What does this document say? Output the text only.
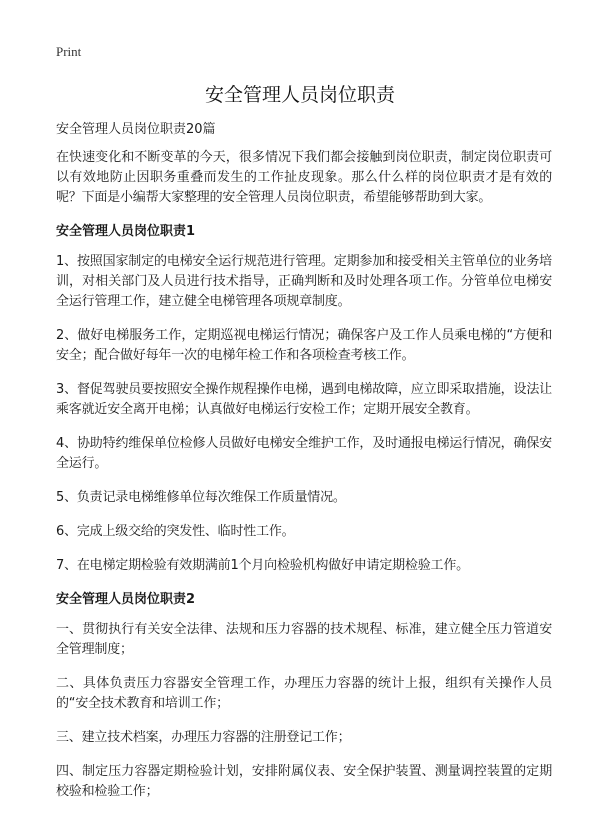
Print
安全管理人员岗位职责

安全管理人员岗位职责20篇

在快速变化和不断变革的今天，很多情况下我们都会接触到岗位职责，制定岗位职责可以有效地防止因职务重叠而发生的工作扯皮现象。那么什么样的岗位职责才是有效的呢？下面是小编帮大家整理的安全管理人员岗位职责，希望能够帮助到大家。

安全管理人员岗位职责1

1、按照国家制定的电梯安全运行规范进行管理。定期参加和接受相关主管单位的业务培训，对相关部门及人员进行技术指导，正确判断和及时处理各项工作。分管单位电梯安全运行管理工作，建立健全电梯管理各项规章制度。

2、做好电梯服务工作，定期巡视电梯运行情况；确保客户及工作人员乘电梯的“方便和安全；配合做好每年一次的电梯年检工作和各项检查考核工作。

3、督促驾驶员要按照安全操作规程操作电梯，遇到电梯故障，应立即采取措施，设法让乘客就近安全离开电梯；认真做好电梯运行安检工作；定期开展安全教育。

4、协助特约维保单位检修人员做好电梯安全维护工作，及时通报电梯运行情况，确保安全运行。

5、负责记录电梯维修单位每次维保工作质量情况。

6、完成上级交给的突发性、临时性工作。

7、在电梯定期检验有效期满前1个月向检验机构做好申请定期检验工作。

安全管理人员岗位职责2

一、贯彻执行有关安全法律、法规和压力容器的技术规程、标准，建立健全压力管道安全管理制度；

二、具体负责压力容器安全管理工作，办理压力容器的统计上报，组织有关操作人员的“安全技术教育和培训工作；

三、建立技术档案，办理压力容器的注册登记工作；

四、制定压力容器定期检验计划，安排附属仪表、安全保护装置、测量调控装置的定期校验和检验工作；
